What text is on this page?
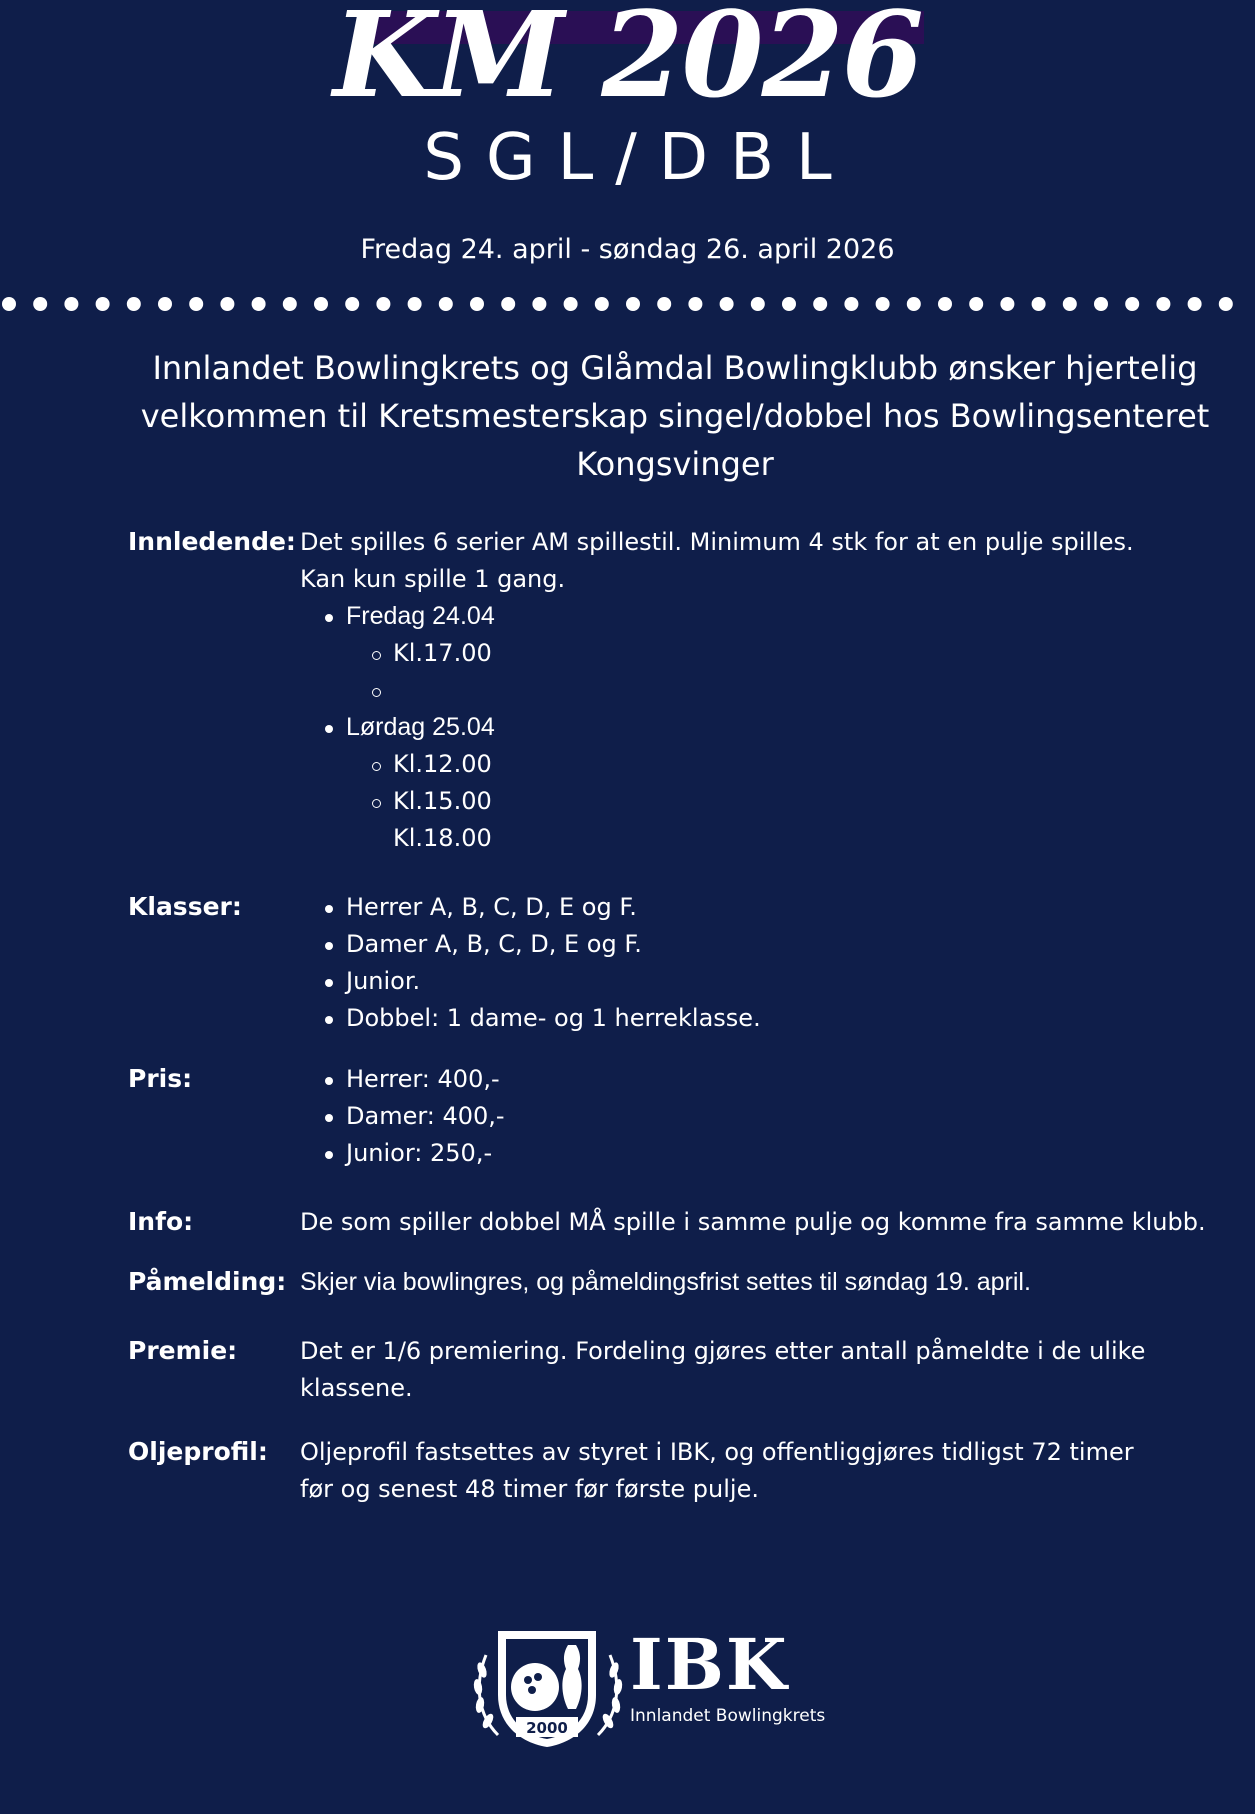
KM 2026
SGL/DBL
Fredag 24. april - søndag 26. april 2026
Innlandet Bowlingkrets og Glåmdal Bowlingklubb ønsker hjertelig velkommen til Kretsmesterskap singel/dobbel hos Bowlingsenteret Kongsvinger
Innledende: Det spilles 6 serier AM spillestil. Minimum 4 stk for at en pulje spilles.
Kan kun spille 1 gang.
Fredag 24.04
Kl.17.00
Lørdag 25.04
Kl.12.00
Kl.15.00
Kl.18.00
Klasser:	Herrer A, B, C, D, E og F.
Damer A, B, C, D, E og F.
Junior.
Dobbel: 1 dame- og 1 herreklasse.
Pris:	Herrer: 400,-
Damer: 400,-
Junior: 250,-
Info:	De som spiller dobbel MÅ spille i samme pulje og komme fra samme klubb.
Påmelding: Skjer via bowlingres, og påmeldingsfrist settes til søndag 19. april.
Premie:	Det er 1/6 premiering. Fordeling gjøres etter antall påmeldte i de ulike
klassene.
Oljeprofil:	Oljeprofil fastsettes av styret i IBK, og offentliggjøres tidligst 72 timer
før og senest 48 timer før første pulje.
2000
IBK
Innlandet Bowlingkrets
